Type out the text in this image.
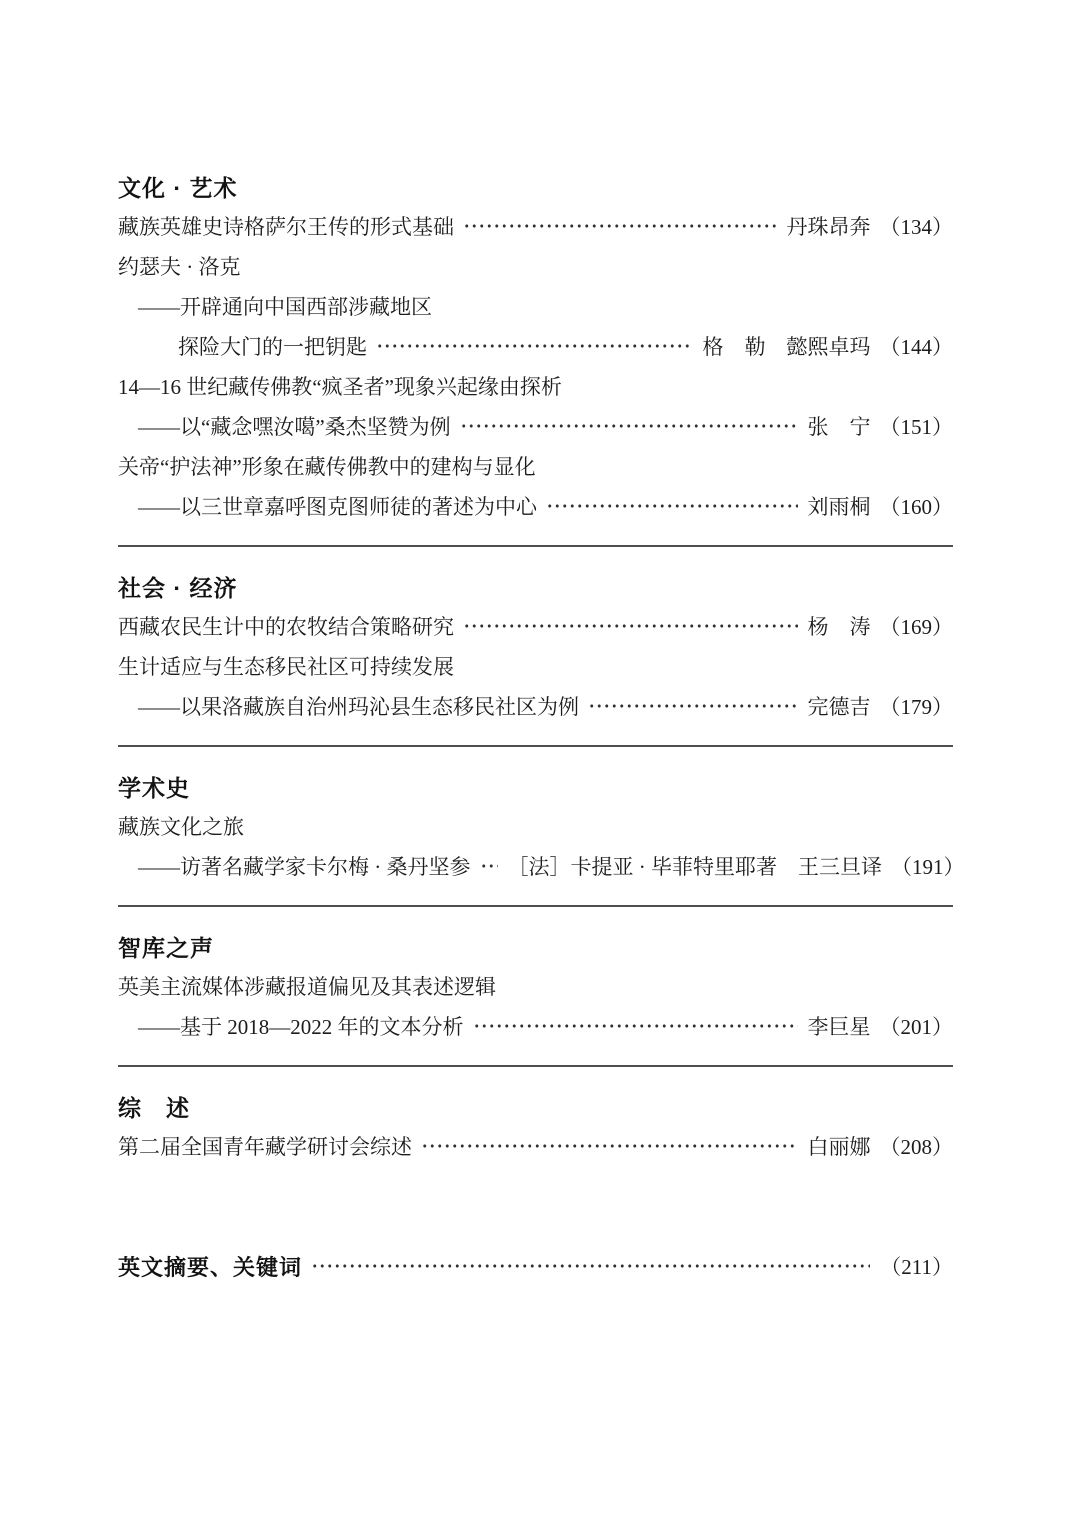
文化 · 艺术
藏族英雄史诗格萨尔王传的形式基础	丹珠昂奔 （134）
约瑟夫 · 洛克
——开辟通向中国西部涉藏地区
探险大门的一把钥匙	格　勒　懿熙卓玛 （144）
14—16 世纪藏传佛教“疯圣者”现象兴起缘由探析
——以“藏念嘿汝噶”桑杰坚赞为例	张　宁 （151）
关帝“护法神”形象在藏传佛教中的建构与显化
——以三世章嘉呼图克图师徒的著述为中心	刘雨桐 （160）
社会 · 经济
西藏农民生计中的农牧结合策略研究	杨　涛 （169）
生计适应与生态移民社区可持续发展
——以果洛藏族自治州玛沁县生态移民社区为例	完德吉 （179）
学术史
藏族文化之旅
——访著名藏学家卡尔梅 · 桑丹坚参 ［法］卡提亚 · 毕菲特里耶著　王三旦译 （191）
智库之声
英美主流媒体涉藏报道偏见及其表述逻辑
——基于 2018—2022 年的文本分析	李巨星 （201）
综　述
第二届全国青年藏学研讨会综述	白丽娜 （208）
英文摘要、关键词	（211）
